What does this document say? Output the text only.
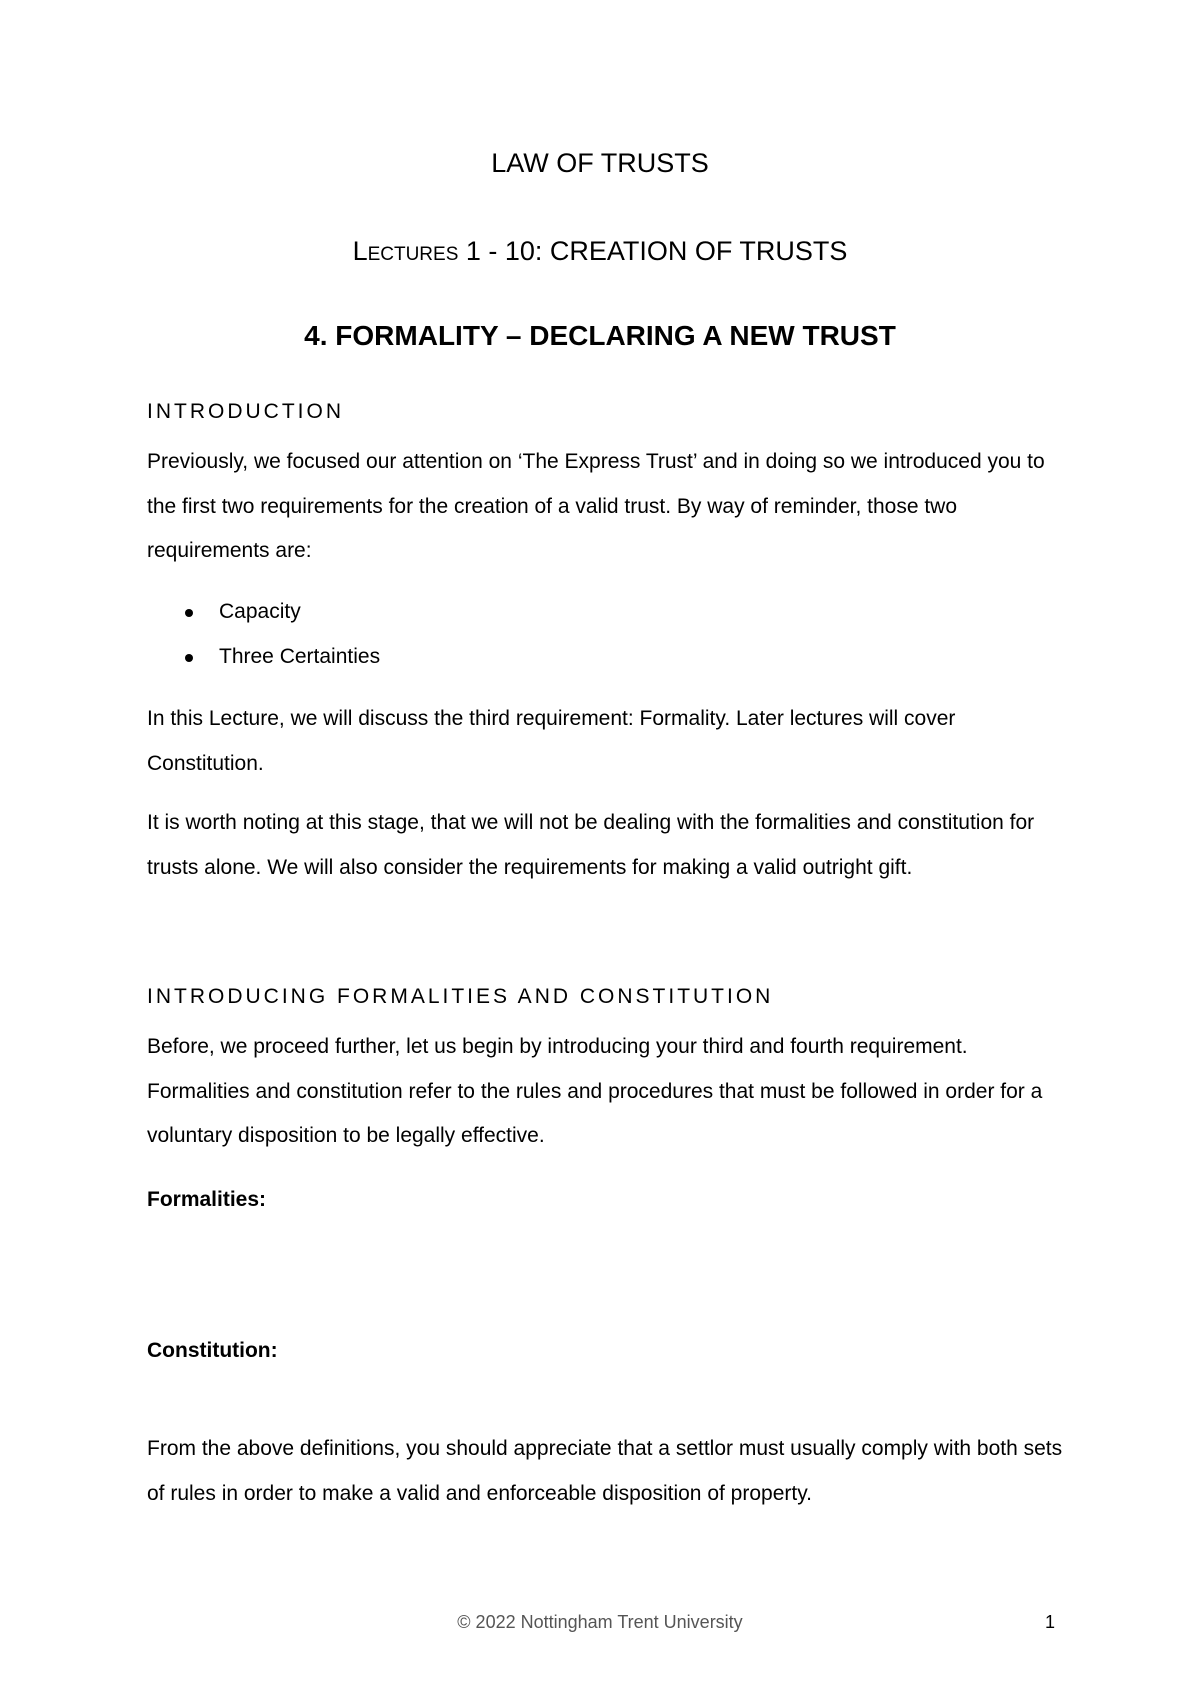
LAW OF TRUSTS
Lectures 1 - 10: CREATION OF TRUSTS
4. FORMALITY – DECLARING A NEW TRUST
INTRODUCTION
Previously, we focused our attention on ‘The Express Trust’ and in doing so we introduced you to the first two requirements for the creation of a valid trust. By way of reminder, those two requirements are:
Capacity
Three Certainties
In this Lecture, we will discuss the third requirement: Formality. Later lectures will cover Constitution.
It is worth noting at this stage, that we will not be dealing with the formalities and constitution for trusts alone. We will also consider the requirements for making a valid outright gift.
INTRODUCING FORMALITIES AND CONSTITUTION
Before, we proceed further, let us begin by introducing your third and fourth requirement. Formalities and constitution refer to the rules and procedures that must be followed in order for a voluntary disposition to be legally effective.
Formalities:
Constitution:
From the above definitions, you should appreciate that a settlor must usually comply with both sets of rules in order to make a valid and enforceable disposition of property.
© 2022 Nottingham Trent University	1
